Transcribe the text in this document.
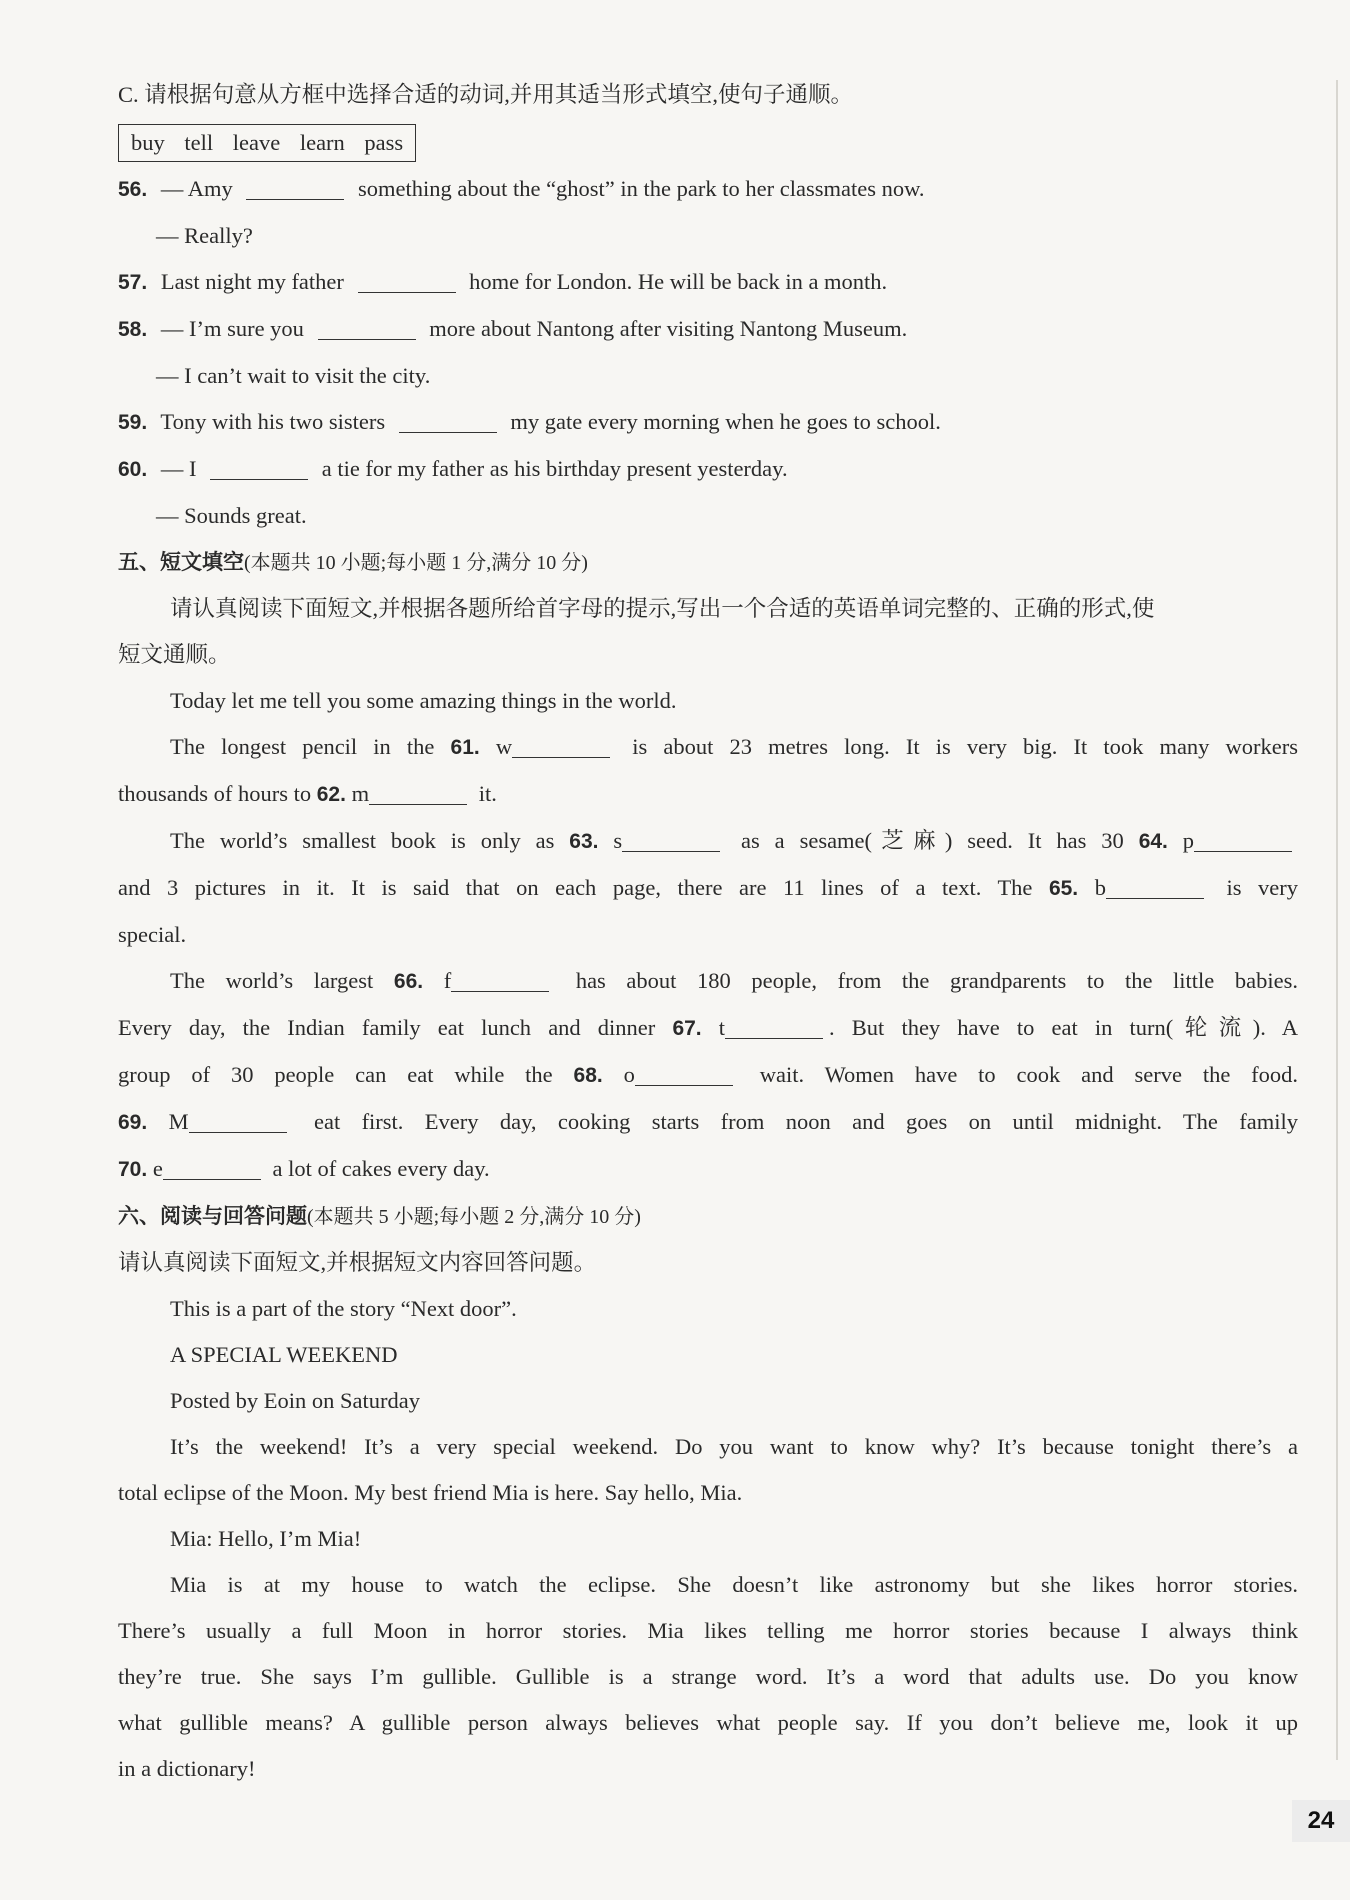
C. 请根据句意从方框中选择合适的动词,并用其适当形式填空,使句子通顺。
buy tell leave learn pass
56. — Amy	something about the “ghost” in the park to her classmates now.
— Really?
57. Last night my father	home for London. He will be back in a month.
58. — I’m sure you	more about Nantong after visiting Nantong Museum.
— I can’t wait to visit the city.
59. Tony with his two sisters	my gate every morning when he goes to school.
60. — I	a tie for my father as his birthday present yesterday.
— Sounds great.
五、短文填空(本题共 10 小题;每小题 1 分,满分 10 分)
请认真阅读下面短文,并根据各题所给首字母的提示,写出一个合适的英语单词完整的、正确的形式,使
短文通顺。
Today let me tell you some amazing things in the world.
The longest pencil in the 61. w	is about 23 metres long. It is very big. It took many workers
thousands of hours to 62. m	it.
The world’s smallest book is only as 63. s	as a sesame(芝麻) seed. It has 30 64. p
and 3 pictures in it. It is said that on each page, there are 11 lines of a text. The 65. b	is very
special.
The world’s largest 66. f	has about 180 people, from the grandparents to the little babies.
Every day, the Indian family eat lunch and dinner 67. t	. But they have to eat in turn(轮流). A
group of 30 people can eat while the 68. o	wait. Women have to cook and serve the food.
69. M	eat first. Every day, cooking starts from noon and goes on until midnight. The family
70. e	a lot of cakes every day.
六、阅读与回答问题(本题共 5 小题;每小题 2 分,满分 10 分)
请认真阅读下面短文,并根据短文内容回答问题。
This is a part of the story “Next door”.
A SPECIAL WEEKEND
Posted by Eoin on Saturday
It’s the weekend! It’s a very special weekend. Do you want to know why? It’s because tonight there’s a
total eclipse of the Moon. My best friend Mia is here. Say hello, Mia.
Mia: Hello, I’m Mia!
Mia is at my house to watch the eclipse. She doesn’t like astronomy but she likes horror stories.
There’s usually a full Moon in horror stories. Mia likes telling me horror stories because I always think
they’re true. She says I’m gullible. Gullible is a strange word. It’s a word that adults use. Do you know
what gullible means? A gullible person always believes what people say. If you don’t believe me, look it up
in a dictionary!
24
